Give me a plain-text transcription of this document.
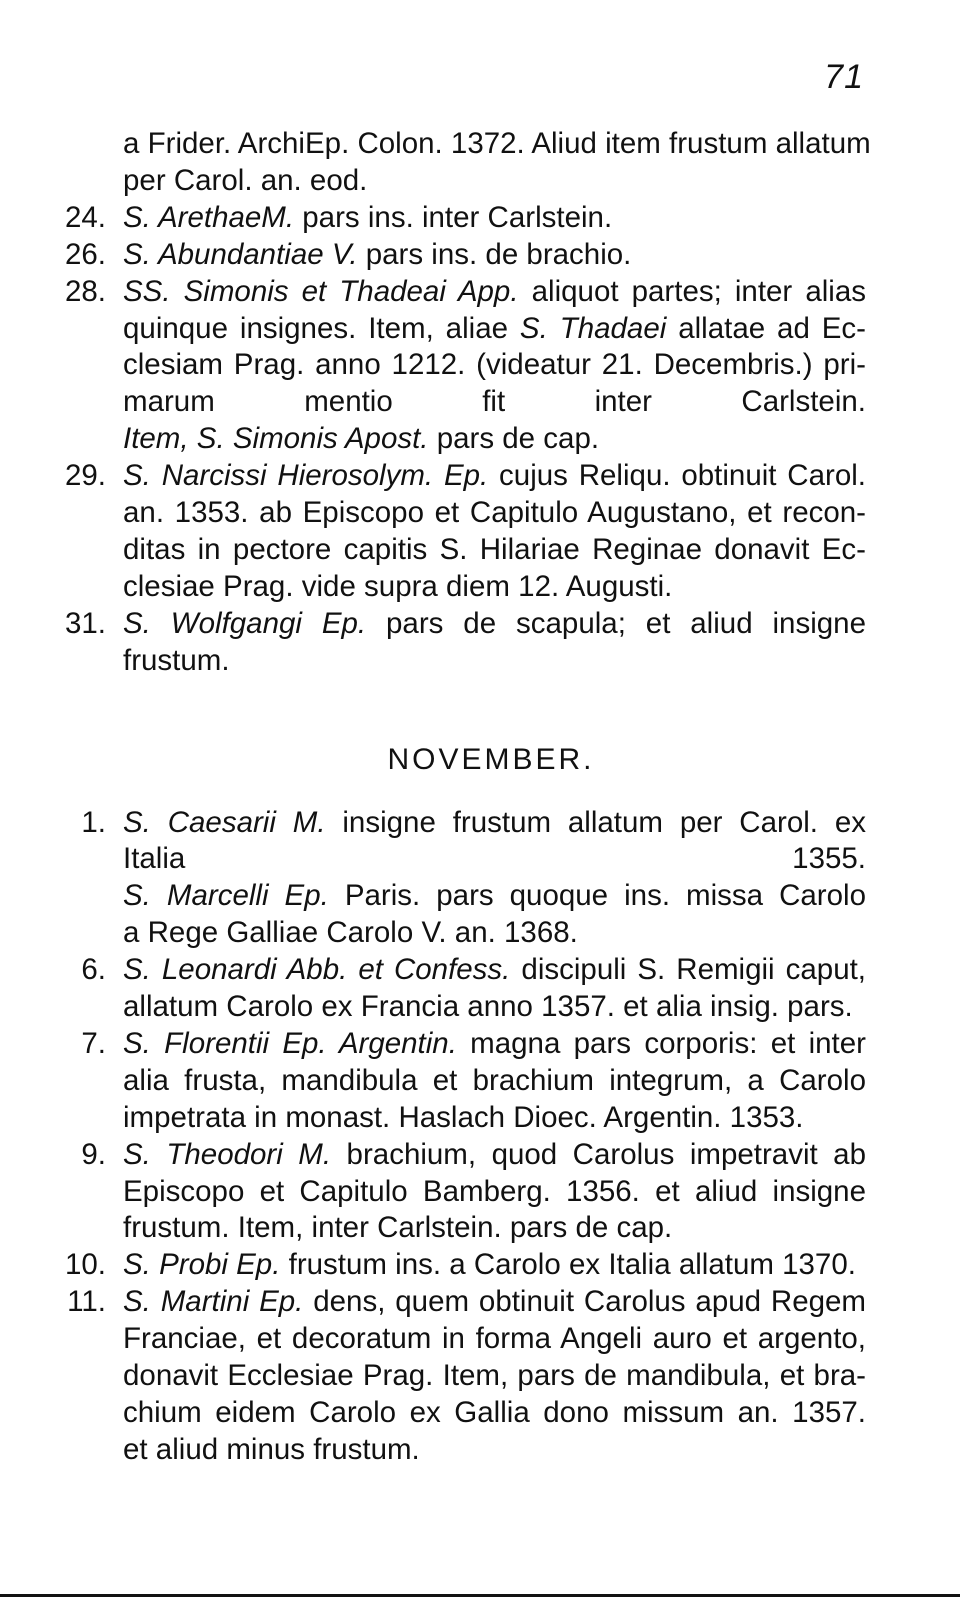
71
a Frider. ArchiEp. Colon. 1372. Aliud item frustum allatum
per Carol. an. eod.
24. S. ArethaeM. pars ins. inter Carlstein.
26. S. Abundantiae V. pars ins. de brachio.
28. SS. Simonis et Thadeai App. aliquot partes; inter alias
quinque insignes. Item, aliae S. Thadaei allatae ad Ec-
clesiam Prag. anno 1212. (videatur 21. Decembris.) pri-
marum mentio fit inter Carlstein.
Item, S. Simonis Apost. pars de cap.
29. S. Narcissi Hierosolym. Ep. cujus Reliqu. obtinuit Carol.
an. 1353. ab Episcopo et Capitulo Augustano, et recon-
ditas in pectore capitis S. Hilariae Reginae donavit Ec-
clesiae Prag. vide supra diem 12. Augusti.
31. S. Wolfgangi Ep. pars de scapula; et aliud insigne
frustum.
NOVEMBER.
1. S. Caesarii M. insigne frustum allatum per Carol. ex
Italia 1355.
S. Marcelli Ep. Paris. pars quoque ins. missa Carolo
a Rege Galliae Carolo V. an. 1368.
6. S. Leonardi Abb. et Confess. discipuli S. Remigii caput,
allatum Carolo ex Francia anno 1357. et alia insig. pars.
7. S. Florentii Ep. Argentin. magna pars corporis: et inter
alia frusta, mandibula et brachium integrum, a Carolo
impetrata in monast. Haslach Dioec. Argentin. 1353.
9. S. Theodori M. brachium, quod Carolus impetravit ab
Episcopo et Capitulo Bamberg. 1356. et aliud insigne
frustum. Item, inter Carlstein. pars de cap.
10. S. Probi Ep. frustum ins. a Carolo ex Italia allatum 1370.
11. S. Martini Ep. dens, quem obtinuit Carolus apud Regem
Franciae, et decoratum in forma Angeli auro et argento,
donavit Ecclesiae Prag. Item, pars de mandibula, et bra-
chium eidem Carolo ex Gallia dono missum an. 1357.
et aliud minus frustum.
